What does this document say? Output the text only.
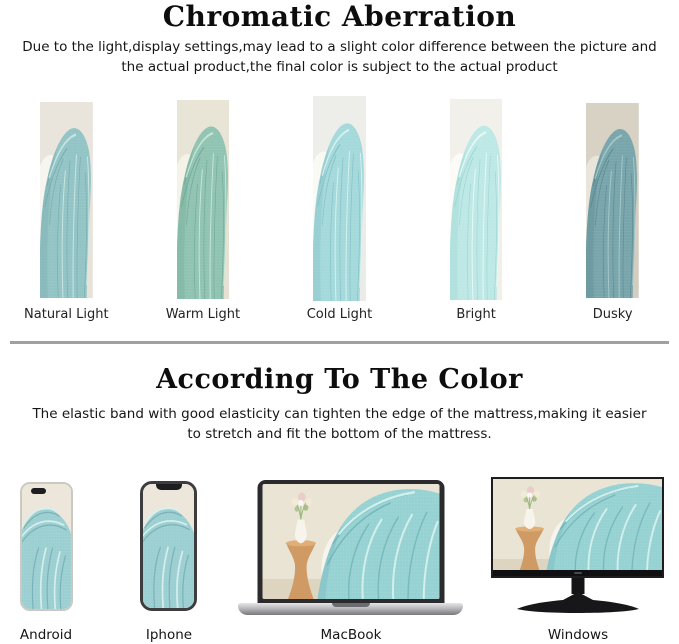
Chromatic Aberration

Due to the light,display settings,may lead to a slight color difference between the picture and
the actual product,the final color is subject to the actual product

Natural Light	Warm Light	Cold Light	Bright	Dusky
According To The Color

The elastic band with good elasticity can tighten the edge of the mattress,making it easier
to stretch and fit the bottom of the mattress.

Android	Iphone	MacBook	Windows
